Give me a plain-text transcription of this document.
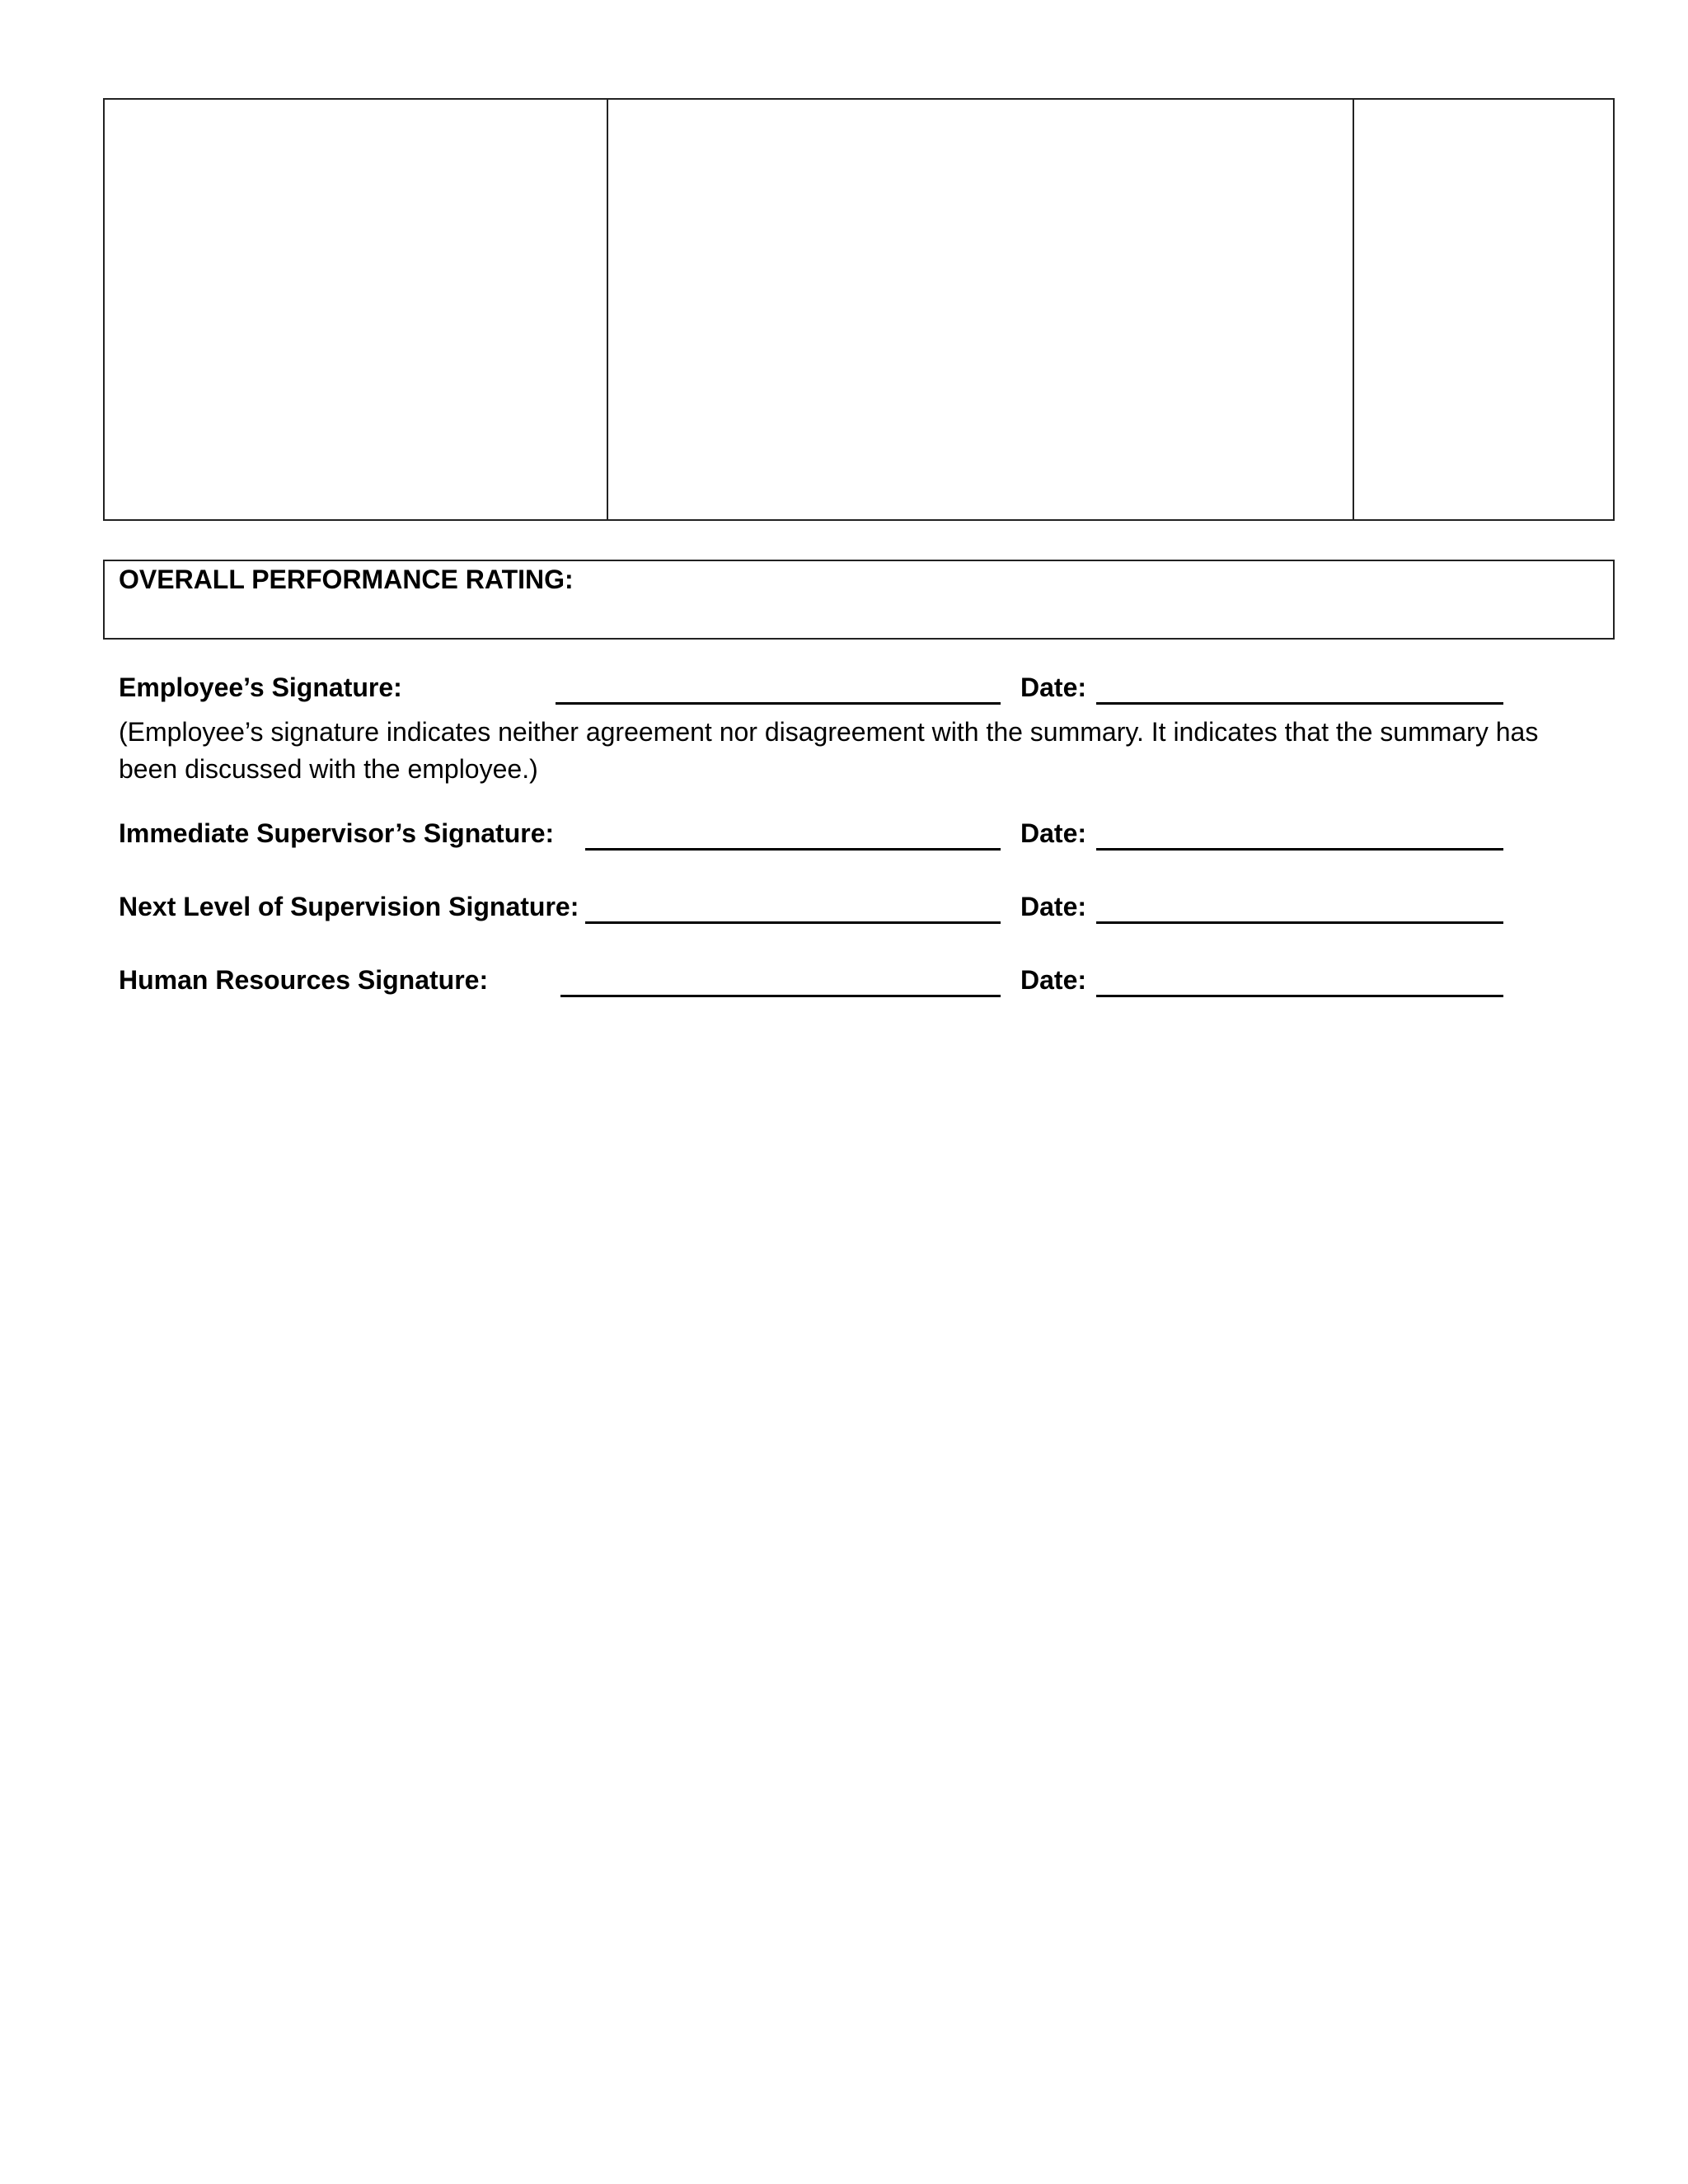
OVERALL PERFORMANCE RATING:
Employee’s Signature:	Date:
(Employee’s signature indicates neither agreement nor disagreement with the summary. It indicates that the summary has been discussed with the employee.)
Immediate Supervisor’s Signature:	Date:
Next Level of Supervision Signature:	Date:
Human Resources Signature:	Date:
